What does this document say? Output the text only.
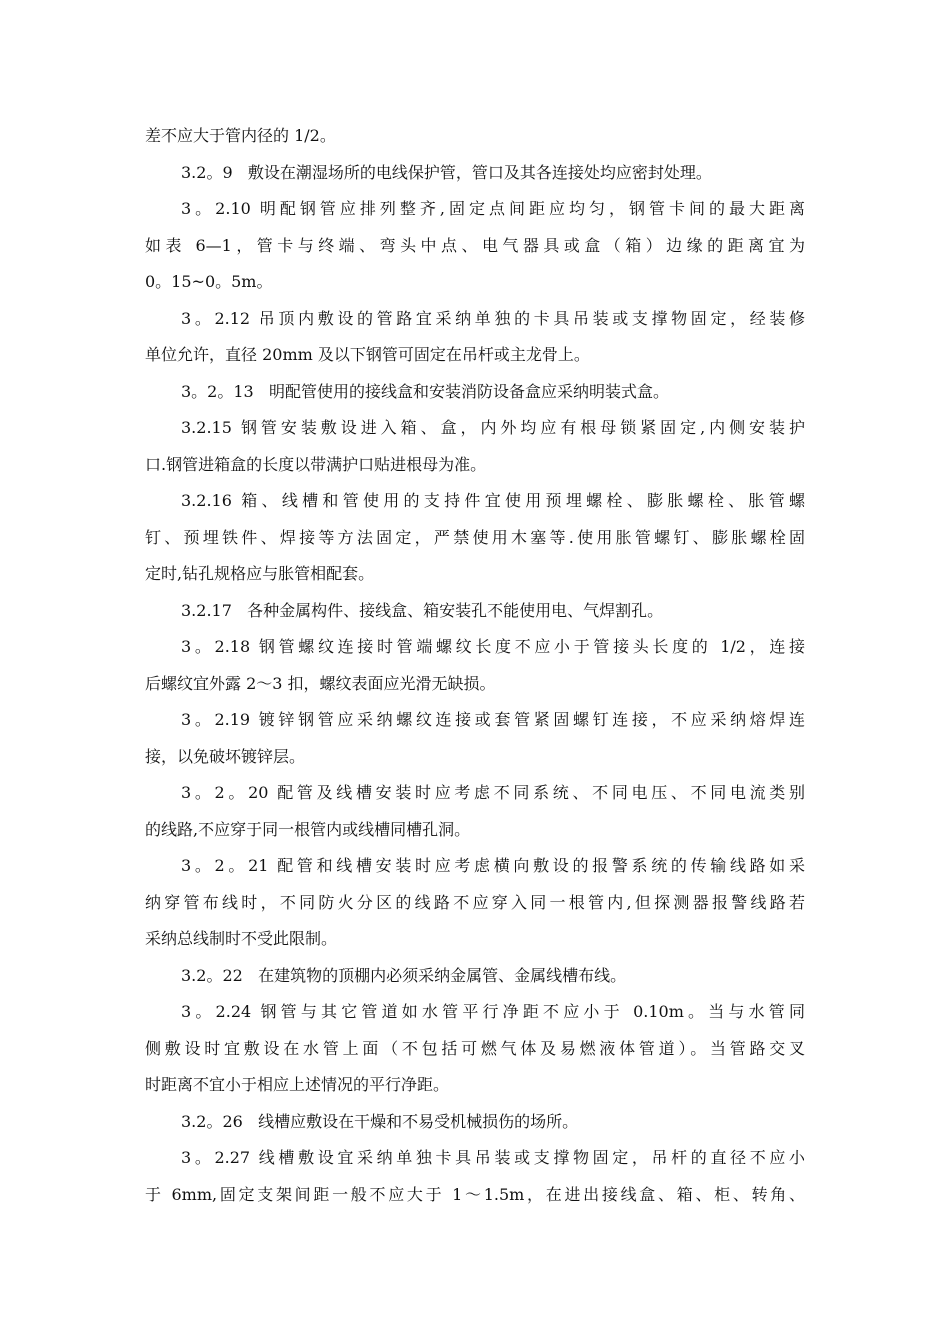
差不应大于管内径的 1/2。

3.2。9   敷设在潮湿场所的电线保护管，管口及其各连接处均应密封处理。

3。2.10 明配钢管应排列整齐,固定点间距应均匀，钢管卡间的最大距离
如表 6—1，管卡与终端、弯头中点、电气器具或盒（箱）边缘的距离宜为
0。15~0。5m。

3。2.12 吊顶内敷设的管路宜采纳单独的卡具吊装或支撑物固定，经装修
单位允许，直径 20mm 及以下钢管可固定在吊杆或主龙骨上。

3。2。13   明配管使用的接线盒和安装消防设备盒应采纳明装式盒。

3.2.15 钢管安装敷设进入箱、盒，内外均应有根母锁紧固定,内侧安装护
口.钢管进箱盒的长度以带满护口贴进根母为准。

3.2.16 箱、线槽和管使用的支持件宜使用预埋螺栓、膨胀螺栓、胀管螺
钉、预埋铁件、焊接等方法固定，严禁使用木塞等.使用胀管螺钉、膨胀螺栓固
定时,钻孔规格应与胀管相配套。

3.2.17   各种金属构件、接线盒、箱安装孔不能使用电、气焊割孔。

3。2.18 钢管螺纹连接时管端螺纹长度不应小于管接头长度的 1/2，连接
后螺纹宜外露 2～3 扣，螺纹表面应光滑无缺损。

3。2.19 镀锌钢管应采纳螺纹连接或套管紧固螺钉连接，不应采纳熔焊连
接，以免破坏镀锌层。

3。2。20 配管及线槽安装时应考虑不同系统、不同电压、不同电流类别
的线路,不应穿于同一根管内或线槽同槽孔洞。

3。2。21 配管和线槽安装时应考虑横向敷设的报警系统的传输线路如采
纳穿管布线时，不同防火分区的线路不应穿入同一根管内,但探测器报警线路若
采纳总线制时不受此限制。

3.2。22   在建筑物的顶棚内必须采纳金属管、金属线槽布线。

3。2.24 钢管与其它管道如水管平行净距不应小于 0.10m。当与水管同
侧敷设时宜敷设在水管上面（不包括可燃气体及易燃液体管道）。当管路交叉
时距离不宜小于相应上述情况的平行净距。

3.2。26   线槽应敷设在干燥和不易受机械损伤的场所。

3。2.27 线槽敷设宜采纳单独卡具吊装或支撑物固定，吊杆的直径不应小
于 6mm,固定支架间距一般不应大于 1～1.5m，在进出接线盒、箱、柜、转角、
